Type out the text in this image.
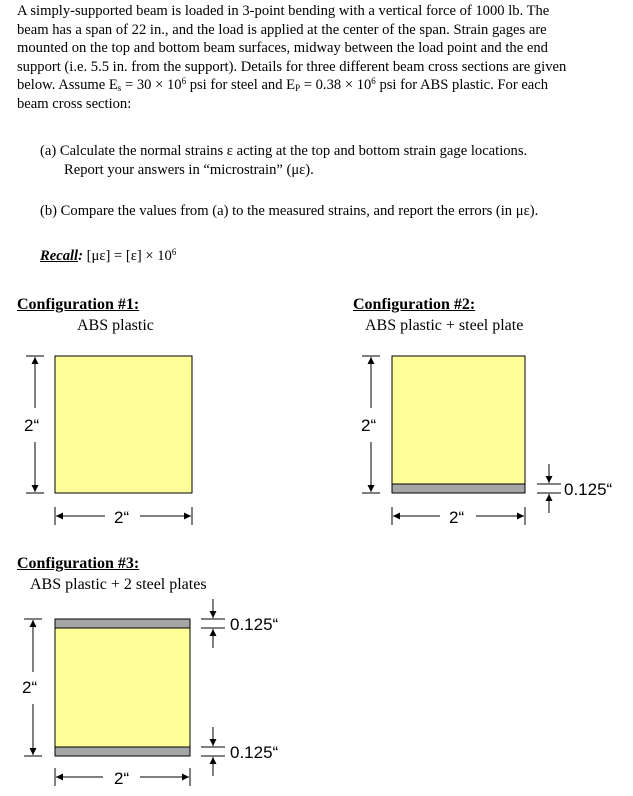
A simply-supported beam is loaded in 3-point bending with a vertical force of 1000 lb. The
beam has a span of 22 in., and the load is applied at the center of the span. Strain gages are
mounted on the top and bottom beam surfaces, midway between the load point and the end
support (i.e. 5.5 in. from the support). Details for three different beam cross sections are given
below. Assume $E_s = 30 \times 10^6$ psi for steel and $E_P = 0.38 \times 10^6$ psi for ABS plastic. For each
beam cross section:
(a) Calculate the normal strains ε acting at the top and bottom strain gage locations.
Report your answers in “microstrain” (με).
(b) Compare the values from (a) to the measured strains, and report the errors (in με).
Recall: $[\mu\varepsilon] = [\varepsilon] \times 10^6$
Configuration #1:
ABS plastic
Configuration #2:
ABS plastic + steel plate
Configuration #3:
ABS plastic + 2 steel plates
2“
2“
2“
2“
0.125“
2“
2“
0.125“
0.125“
